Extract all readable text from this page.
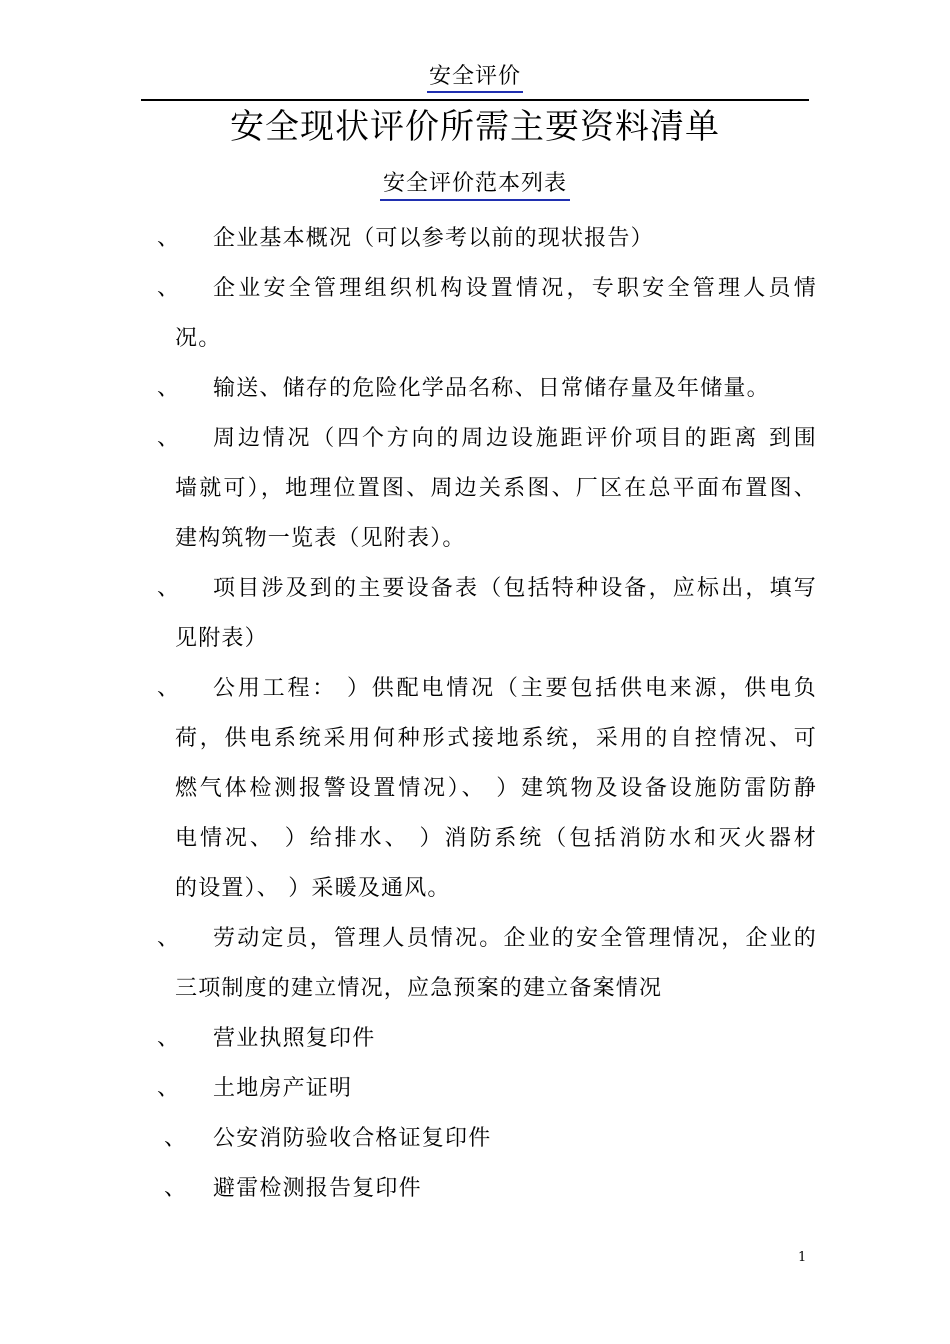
安全评价
安全现状评价所需主要资料清单
安全评价范本列表
、	企业基本概况（可以参考以前的现状报告）
、	企业安全管理组织机构设置情况，专职安全管理人员情
况。
、	输送、储存的危险化学品名称、日常储存量及年储量。
、	周边情况（四个方向的周边设施距评价项目的距离 到围
墙就可），地理位置图、周边关系图、厂区在总平面布置图、
建构筑物一览表（见附表）。
、	项目涉及到的主要设备表（包括特种设备，应标出，填写
见附表）
、	公用工程： ）供配电情况（主要包括供电来源，供电负
荷，供电系统采用何种形式接地系统，采用的自控情况、可
燃气体检测报警设置情况）、 ）建筑物及设备设施防雷防静
电情况、 ）给排水、 ）消防系统（包括消防水和灭火器材
的设置）、 ）采暖及通风。
、	劳动定员，管理人员情况。企业的安全管理情况，企业的
三项制度的建立情况，应急预案的建立备案情况
、	营业执照复印件
、	土地房产证明
、	公安消防验收合格证复印件
、	避雷检测报告复印件
1
